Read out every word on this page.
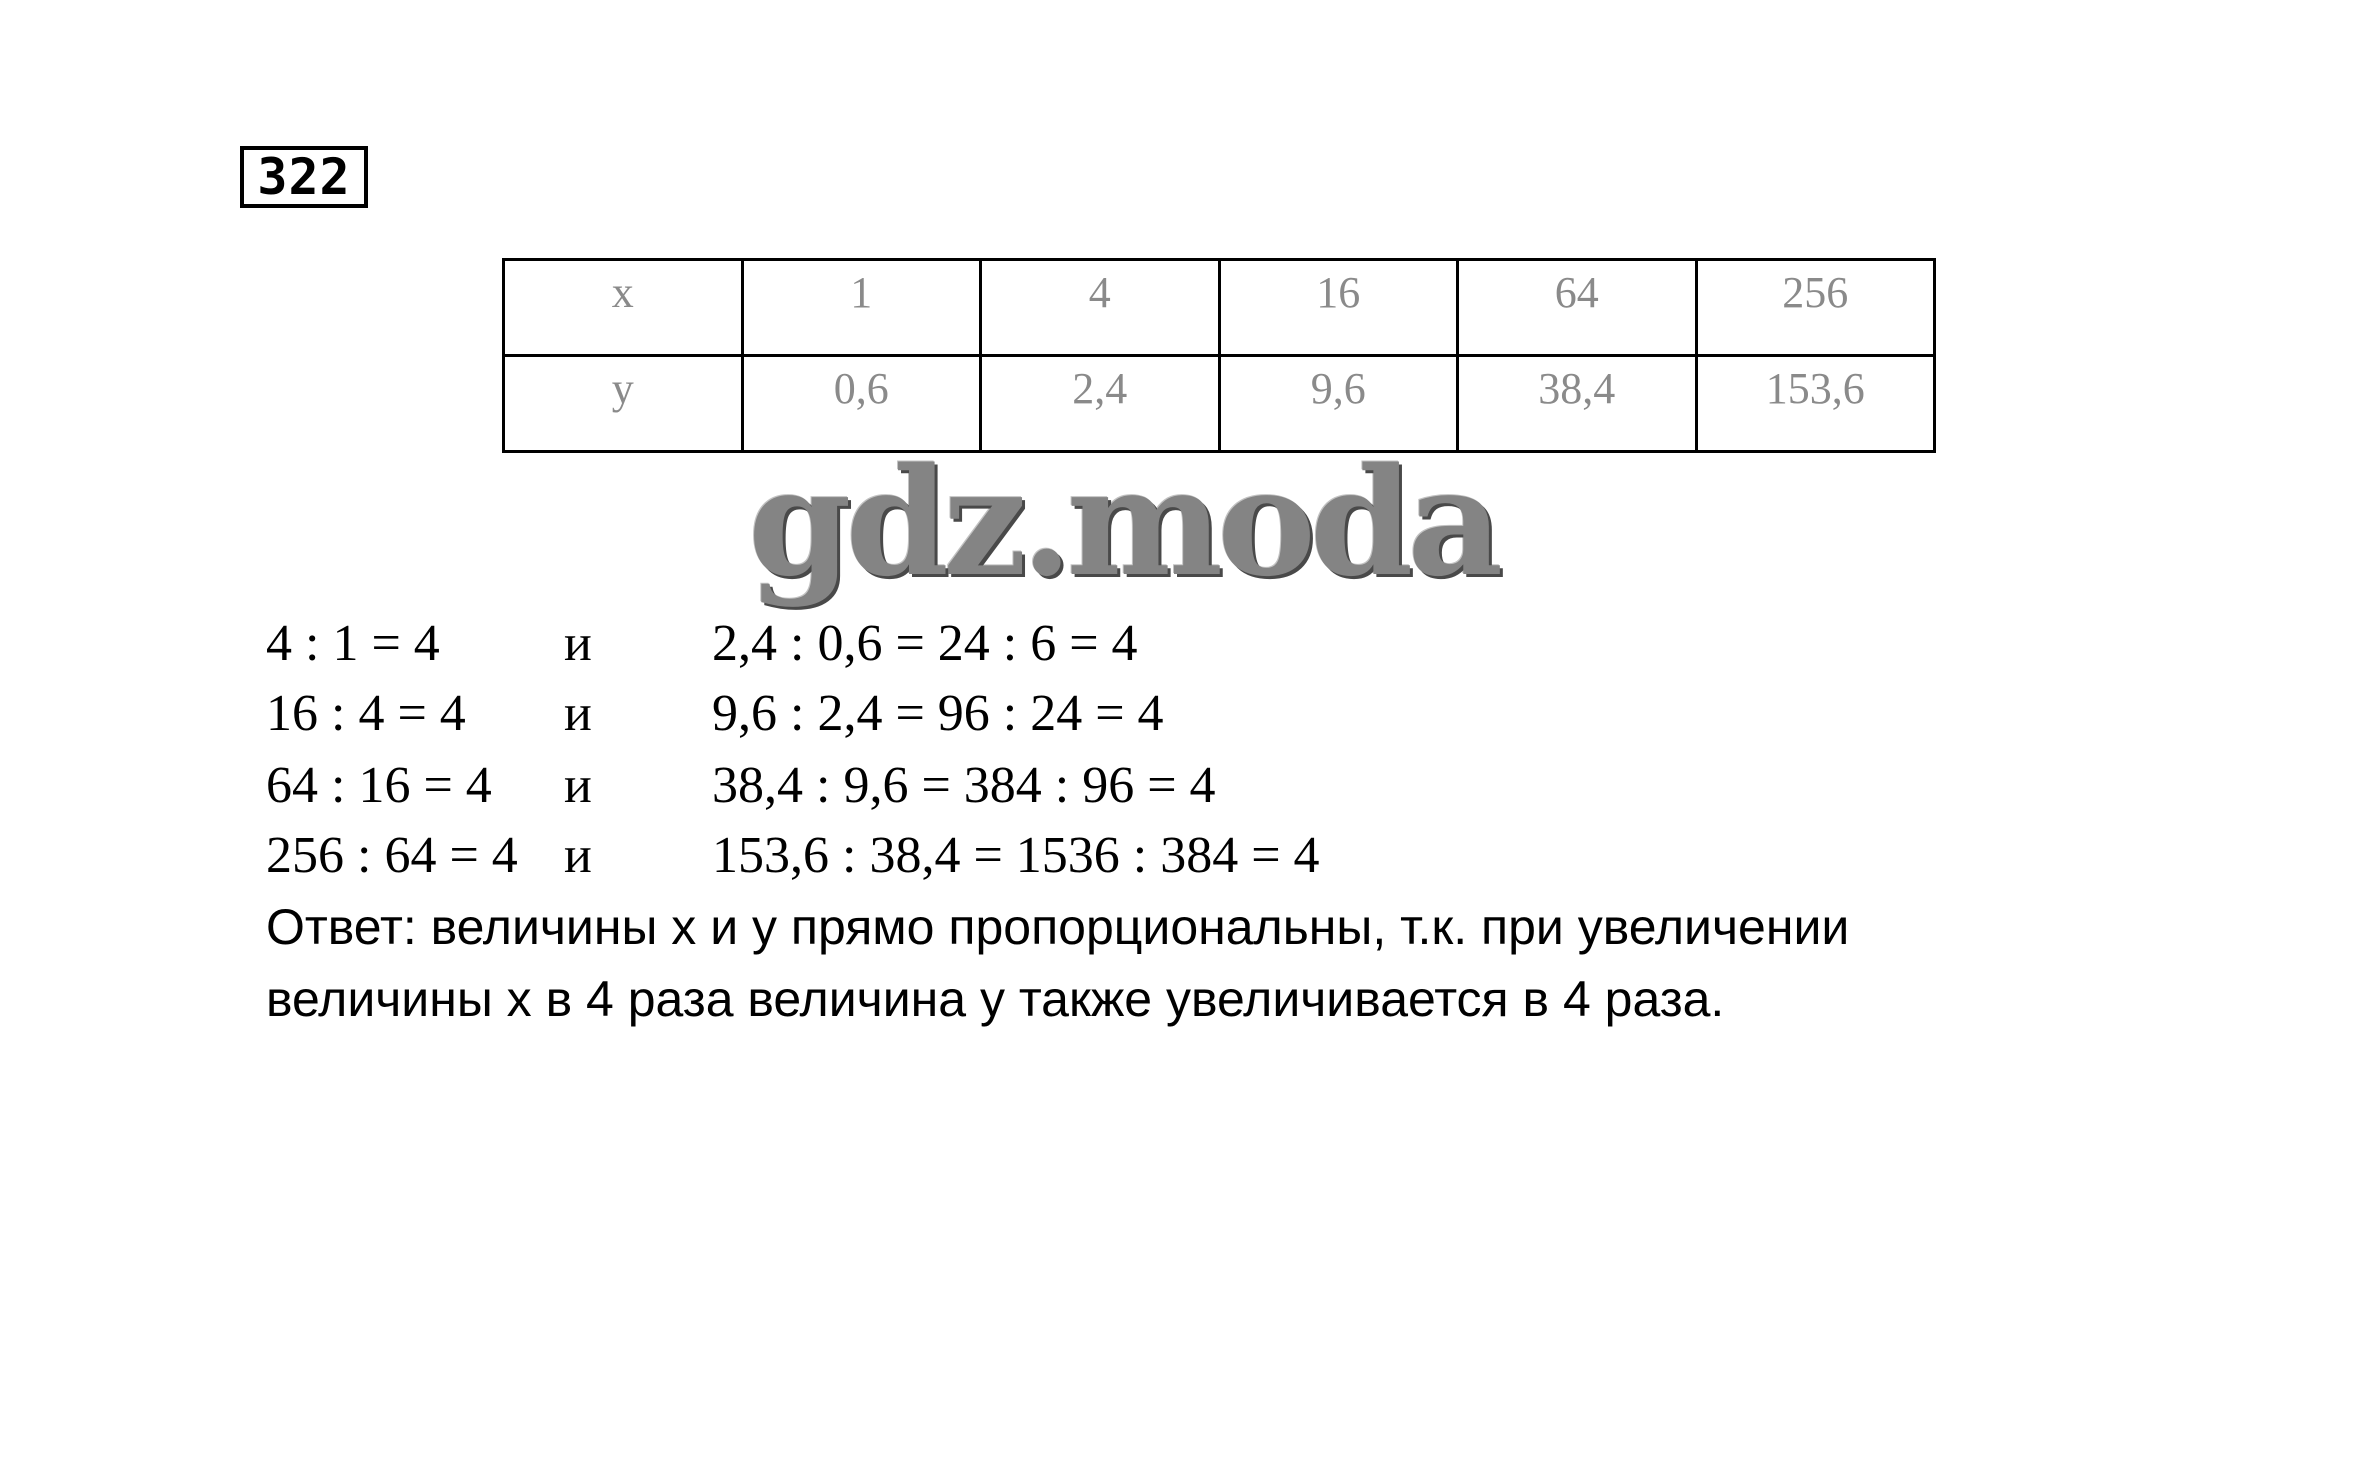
322
x	1	4	16	64	256
y	0,6	2,4	9,6	38,4	153,6
gdz.moda
4 : 1 = 4 и 2,4 : 0,6 = 24 : 6 = 4
16 : 4 = 4 и 9,6 : 2,4 = 96 : 24 = 4
64 : 16 = 4 и 38,4 : 9,6 = 384 : 96 = 4
256 : 64 = 4 и 153,6 : 38,4 = 1536 : 384 = 4
Ответ: величины x и y прямо пропорциональны, т.к. при увеличении
величины x в 4 раза величина y также увеличивается в 4 раза.
